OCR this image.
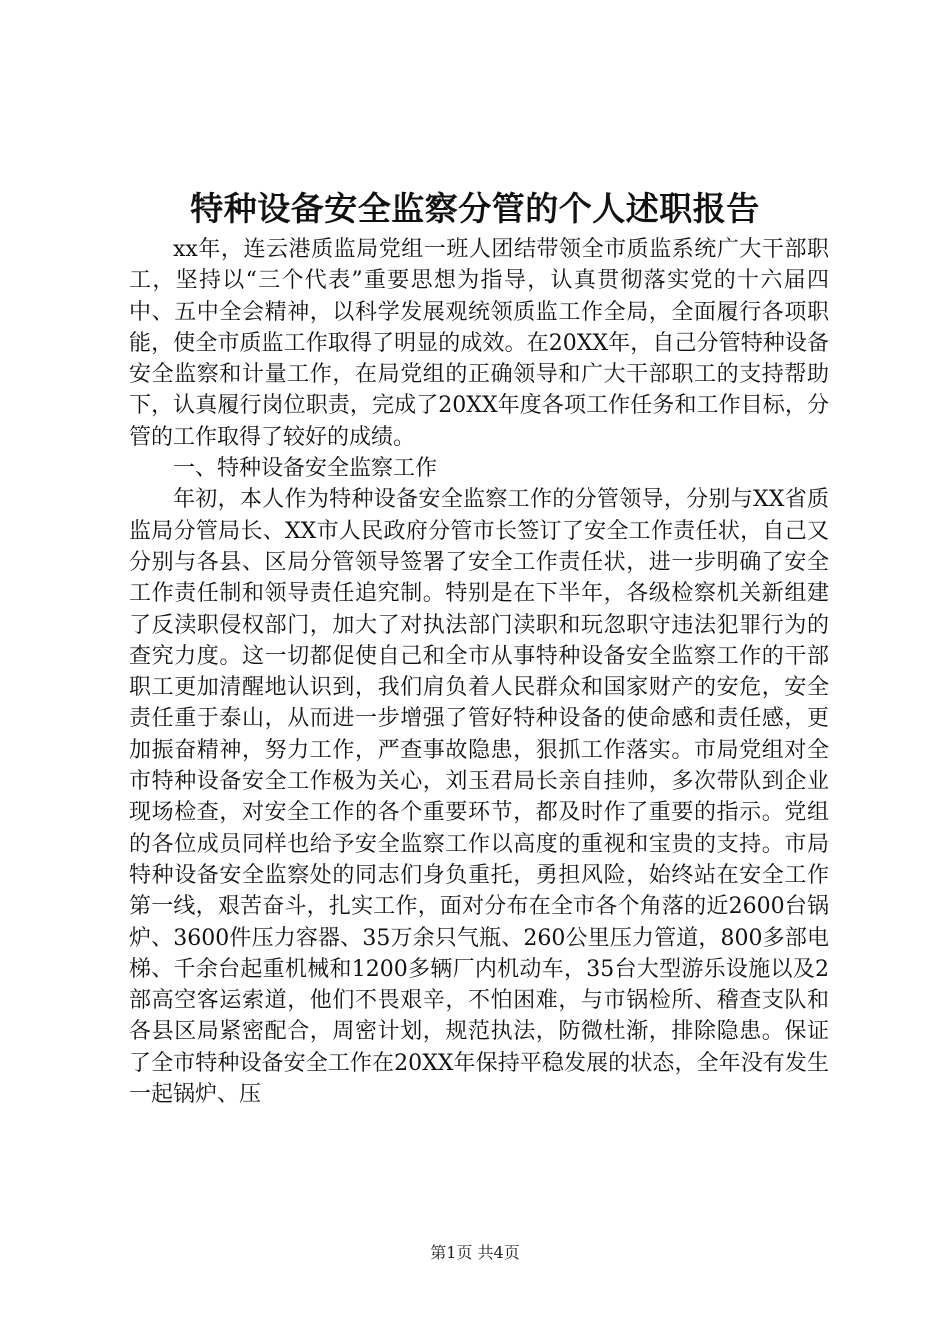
特种设备安全监察分管的个人述职报告

xx年，连云港质监局党组一班人团结带领全市质监系统广大干部职工，坚持以“三个代表”重要思想为指导，认真贯彻落实党的十六届四中、五中全会精神，以科学发展观统领质监工作全局，全面履行各项职能，使全市质监工作取得了明显的成效。在20XX年，自己分管特种设备安全监察和计量工作，在局党组的正确领导和广大干部职工的支持帮助下，认真履行岗位职责，完成了20XX年度各项工作任务和工作目标，分管的工作取得了较好的成绩。

一、特种设备安全监察工作

年初，本人作为特种设备安全监察工作的分管领导，分别与XX省质监局分管局长、XX市人民政府分管市长签订了安全工作责任状，自己又分别与各县、区局分管领导签署了安全工作责任状，进一步明确了安全工作责任制和领导责任追究制。特别是在下半年，各级检察机关新组建了反渎职侵权部门，加大了对执法部门渎职和玩忽职守违法犯罪行为的查究力度。这一切都促使自己和全市从事特种设备安全监察工作的干部职工更加清醒地认识到，我们肩负着人民群众和国家财产的安危，安全责任重于泰山，从而进一步增强了管好特种设备的使命感和责任感，更加振奋精神，努力工作，严查事故隐患，狠抓工作落实。市局党组对全市特种设备安全工作极为关心，刘玉君局长亲自挂帅，多次带队到企业现场检查，对安全工作的各个重要环节，都及时作了重要的指示。党组的各位成员同样也给予安全监察工作以高度的重视和宝贵的支持。市局特种设备安全监察处的同志们身负重托，勇担风险，始终站在安全工作第一线，艰苦奋斗，扎实工作，面对分布在全市各个角落的近2600台锅炉、3600件压力容器、35万余只气瓶、260公里压力管道，800多部电梯、千余台起重机械和1200多辆厂内机动车，35台大型游乐设施以及2部高空客运索道，他们不畏艰辛，不怕困难，与市锅检所、稽查支队和各县区局紧密配合，周密计划，规范执法，防微杜渐，排除隐患。保证了全市特种设备安全工作在20XX年保持平稳发展的状态，全年没有发生一起锅炉、压

第1页 共4页
